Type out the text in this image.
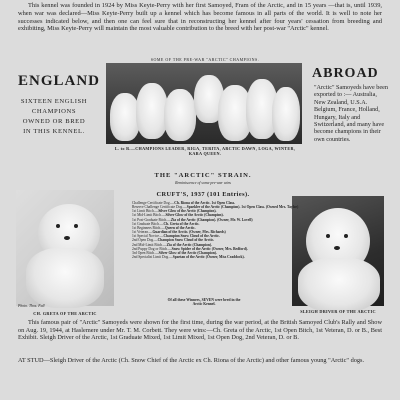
This kennel was founded in 1924 by Miss Keyte-Perry with her first Samoyed, Fram of the Arctic, and in 15 years —that is, until 1939, when war was declared—Miss Keyte-Perry built up a kennel which has become famous in all parts of the world. It is well to note her successes indicated below, and then one can feel sure that in reconstructing her kennel after four years' cessation from breeding and exhibiting, Miss Keyte-Perry will maintain the most valuable contribution to the breed with her post-war "Arctic" kennel.
ENGLAND
SIXTEEN ENGLISH
CHAMPIONS
OWNED OR BRED
IN THIS KENNEL.
ABROAD
"Arctic" Samoyeds have been exported to :— Australia, New Zealand, U.S.A. Belgium, France, Holland, Hungary, Italy and Switzerland, and many have become champions in their own countries.
SOME OF THE PRE-WAR "ARCTIC" CHAMPIONS.
L. to R.—CHAMPIONS LEADER, RIGA, TERITA, ARCTIC DAWN, LOGA, WINTER, KARA QUEEN.
Photo. Thos. Fall
CH. GRETA OF THE ARCTIC	SLEIGH DRIVER OF THE ARCTIC
THE "ARCTIC" STRAIN.
Reminiscence of some pre-war wins
CRUFT'S, 1937 (101 Entries).
Challenge Certificate Dog.—Ch. Riona of the Arctic. 1st Open Class.
Reserve Challenge Certificate Dog.—Sparkler of the Arctic (Champion). 1st Open Class. (Owned Mrs. Taylor)
1st Limit Bitch.—Silver Glow of the Arctic (Champion).
1st Mid-Limit Bitch.—Silver Glow of the Arctic (Champion).
1st Post-Graduate Bitch.—Zia of the Arctic (Champion). (Owner, Mr. W. Lovell)
1st Graduate Bitch.—Ch. Greta of the Arctic.
1st Beginners Bitch.—Queen of the Arctic.
1st Veteran.—Guardian of the Arctic. (Owner, Mrs. Richards)
1st Special Novice.—Champion Snow Cloud of the Arctic.
2nd Open Dog.—Champion Snow Cloud of the Arctic.
2nd Mid-Limit Bitch.—Zia of the Arctic (Champion).
2nd Puppy Dog or Bitch.—Snow Spider of the Arctic (Owner, Mrs. Bedford).
3rd Open Bitch.—Silver Glow of the Arctic (Champion).
2nd Specialist Limit Dog.—Spartan of the Arctic (Owner, Miss Craddock).
Of all these Winners, SEVEN were bred in the
Arctic Kennel.
This famous pair of "Arctic" Samoyeds were shown for the first time, during the war period, at the British Samoyed Club's Rally and Show on Aug. 19, 1944, at Haslemere under Mr. T. M. Corbett. They were wins:—Ch. Greta of the Arctic, 1st Open Bitch, 1st Veteran, D. or B., Best Exhibit. Sleigh Driver of the Arctic, 1st Graduate Mixed, 1st Limit Mixed, 1st Open Dog, 2nd Veteran, D. or B.
AT STUD—Sleigh Driver of the Arctic (Ch. Snow Chief of the Arctic ex Ch. Riona of the Arctic) and other famous young "Arctic" dogs.
